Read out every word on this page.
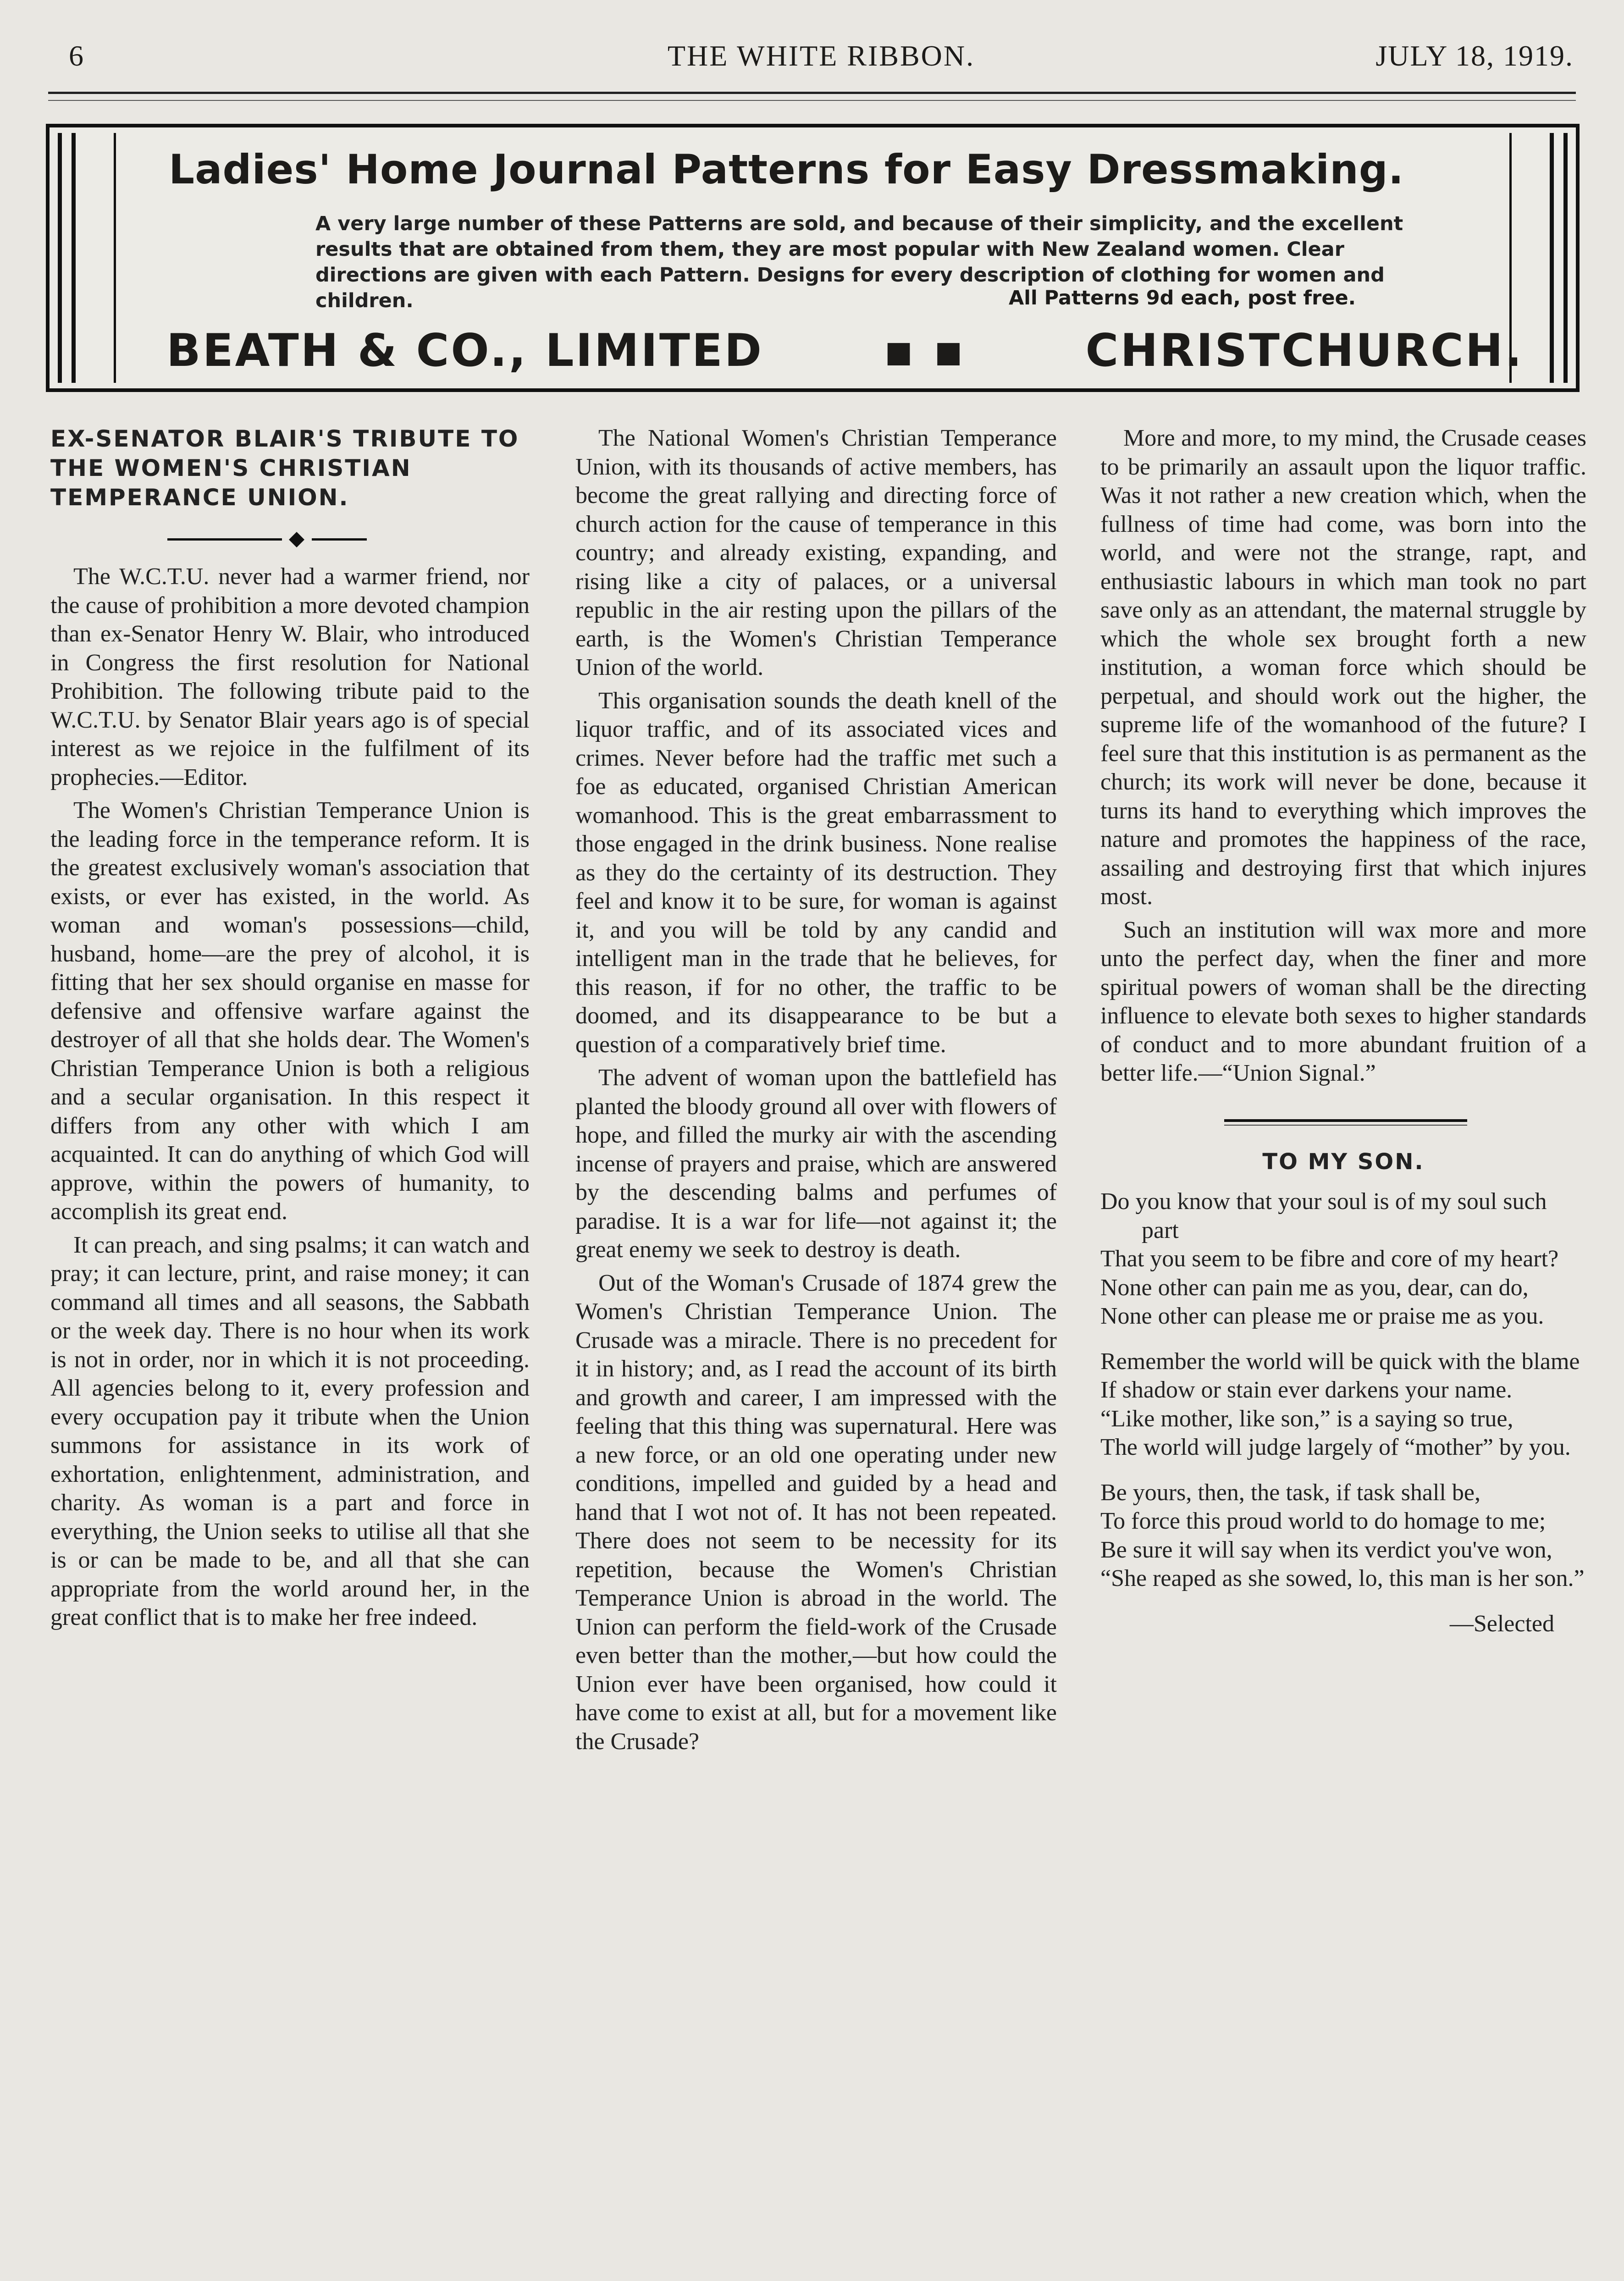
6	THE WHITE RIBBON.	JULY 18, 1919.
Ladies' Home Journal Patterns for Easy Dressmaking.
A very large number of these Patterns are sold, and because of their simplicity, and the excellent results that are obtained from them, they are most popular with New Zealand women. Clear directions are given with each Pattern. Designs for every description of clothing for women and children.	All Patterns 9d each, post free.
BEATH & CO., LIMITED	▪ ▪	CHRISTCHURCH.
EX-SENATOR BLAIR'S TRIBUTE TO THE WOMEN'S CHRISTIAN TEMPERANCE UNION.

The W.C.T.U. never had a warmer friend, nor the cause of prohibition a more devoted champion than ex-Senator Henry W. Blair, who introduced in Congress the first resolution for National Prohibition. The following tribute paid to the W.C.T.U. by Senator Blair years ago is of special interest as we rejoice in the fulfilment of its prophecies.—Editor.

The Women's Christian Temperance Union is the leading force in the temperance reform. It is the greatest exclusively woman's association that exists, or ever has existed, in the world. As woman and woman's possessions—child, husband, home—are the prey of alcohol, it is fitting that her sex should organise en masse for defensive and offensive warfare against the destroyer of all that she holds dear. The Women's Christian Temperance Union is both a religious and a secular organisation. In this respect it differs from any other with which I am acquainted. It can do anything of which God will approve, within the powers of humanity, to accomplish its great end.

It can preach, and sing psalms; it can watch and pray; it can lecture, print, and raise money; it can command all times and all seasons, the Sabbath or the week day. There is no hour when its work is not in order, nor in which it is not proceeding. All agencies belong to it, every profession and every occupation pay it tribute when the Union summons for assistance in its work of exhortation, enlightenment, administration, and charity. As woman is a part and force in everything, the Union seeks to utilise all that she is or can be made to be, and all that she can appropriate from the world around her, in the great conflict that is to make her free indeed.

The National Women's Christian Temperance Union, with its thousands of active members, has become the great rallying and directing force of church action for the cause of temperance in this country; and already existing, expanding, and rising like a city of palaces, or a universal republic in the air resting upon the pillars of the earth, is the Women's Christian Temperance Union of the world.

This organisation sounds the death knell of the liquor traffic, and of its associated vices and crimes. Never before had the traffic met such a foe as educated, organised Christian American womanhood. This is the great embarrassment to those engaged in the drink business. None realise as they do the certainty of its destruction. They feel and know it to be sure, for woman is against it, and you will be told by any candid and intelligent man in the trade that he believes, for this reason, if for no other, the traffic to be doomed, and its disappearance to be but a question of a comparatively brief time.

The advent of woman upon the battlefield has planted the bloody ground all over with flowers of hope, and filled the murky air with the ascending incense of prayers and praise, which are answered by the descending balms and perfumes of paradise. It is a war for life—not against it; the great enemy we seek to destroy is death.

Out of the Woman's Crusade of 1874 grew the Women's Christian Temperance Union. The Crusade was a miracle. There is no precedent for it in history; and, as I read the account of its birth and growth and career, I am impressed with the feeling that this thing was supernatural. Here was a new force, or an old one operating under new conditions, impelled and guided by a head and hand that I wot not of. It has not been repeated. There does not seem to be necessity for its repetition, because the Women's Christian Temperance Union is abroad in the world. The Union can perform the field-work of the Crusade even better than the mother,—but how could the Union ever have been organised, how could it have come to exist at all, but for a movement like the Crusade?

More and more, to my mind, the Crusade ceases to be primarily an assault upon the liquor traffic. Was it not rather a new creation which, when the fullness of time had come, was born into the world, and were not the strange, rapt, and enthusiastic labours in which man took no part save only as an attendant, the maternal struggle by which the whole sex brought forth a new institution, a woman force which should be perpetual, and should work out the higher, the supreme life of the womanhood of the future? I feel sure that this institution is as permanent as the church; its work will never be done, because it turns its hand to everything which improves the nature and promotes the happiness of the race, assailing and destroying first that which injures most.

Such an institution will wax more and more unto the perfect day, when the finer and more spiritual powers of woman shall be the directing influence to elevate both sexes to higher standards of conduct and to more abundant fruition of a better life.—“Union Signal.”

TO MY SON.
Do you know that your soul is of my soul such part
That you seem to be fibre and core of my heart?
None other can pain me as you, dear, can do,
None other can please me or praise me as you.
Remember the world will be quick with the blame
If shadow or stain ever darkens your name.
“Like mother, like son,” is a saying so true,
The world will judge largely of “mother” by you.
Be yours, then, the task, if task shall be,
To force this proud world to do homage to me;
Be sure it will say when its verdict you've won,
“She reaped as she sowed, lo, this man is her son.”
—Selected
